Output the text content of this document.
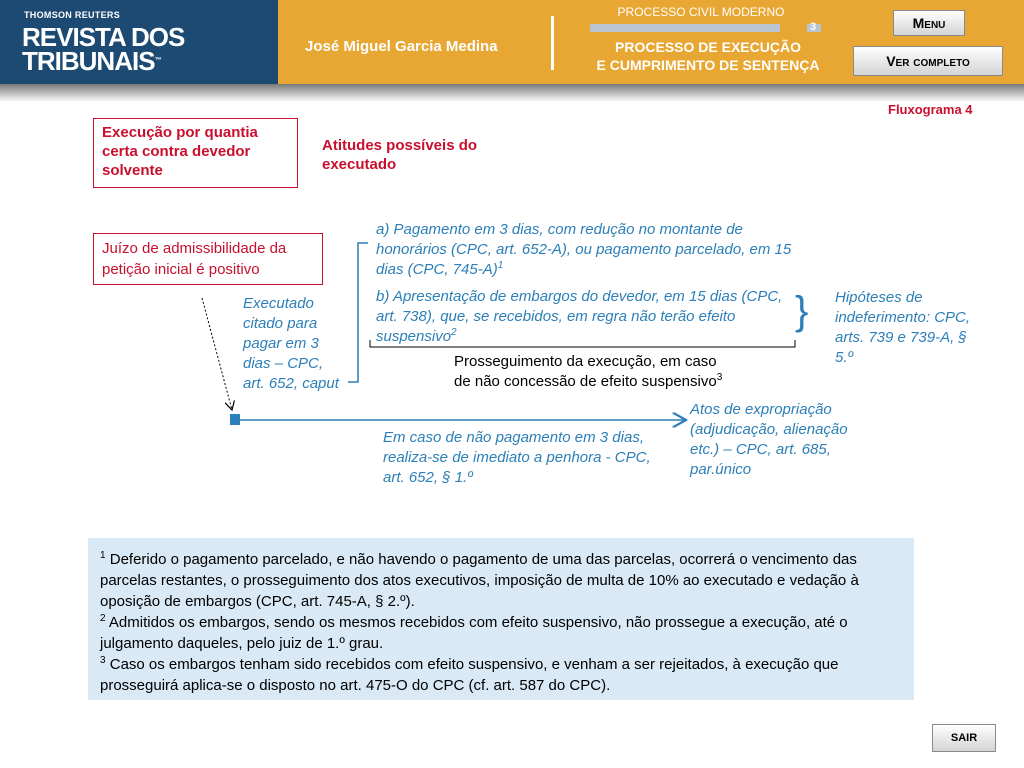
THOMSON REUTERS
REVISTA DOS
TRIBUNAIS™
José Miguel Garcia Medina
PROCESSO CIVIL MODERNO
3
PROCESSO DE EXECUÇÃO
E CUMPRIMENTO DE SENTENÇA
Menu
Ver completo
Fluxograma 4
Execução por quantia certa contra devedor solvente
Atitudes possíveis do executado
Juízo de admissibilidade da petição inicial é positivo
Executado citado para pagar em 3 dias – CPC, art. 652, caput
a) Pagamento em 3 dias, com redução no montante de honorários (CPC, art. 652-A), ou pagamento parcelado, em 15 dias (CPC, 745-A)$^1$
b) Apresentação de embargos do devedor, em 15 dias (CPC, art. 738), que, se recebidos, em regra não terão efeito suspensivo$^2$	} Hipóteses de indeferimento: CPC, arts. 739 e 739-A, § 5.º
Prosseguimento da execução, em caso de não concessão de efeito suspensivo$^3$
Atos de expropriação (adjudicação, alienação etc.) – CPC, art. 685, par.único
Em caso de não pagamento em 3 dias, realiza-se de imediato a penhora - CPC, art. 652, § 1.º

$^1$ Deferido o pagamento parcelado, e não havendo o pagamento de uma das parcelas, ocorrerá o vencimento das parcelas restantes, o prosseguimento dos atos executivos, imposição de multa de 10% ao executado e vedação à oposição de embargos (CPC, art. 745-A, § 2.º).

$^2$ Admitidos os embargos, sendo os mesmos recebidos com efeito suspensivo, não prossegue a execução, até o julgamento daqueles, pelo juiz de 1.º grau.

$^3$ Caso os embargos tenham sido recebidos com efeito suspensivo, e venham a ser rejeitados, à execução que prosseguirá aplica-se o disposto no art. 475-O do CPC (cf. art. 587 do CPC).

SAIR
